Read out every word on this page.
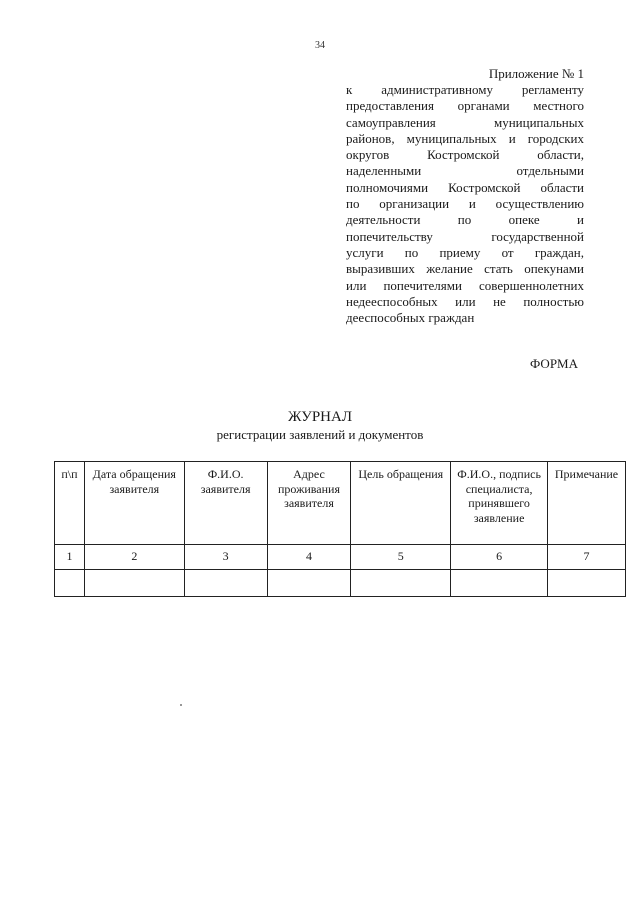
34
Приложение № 1
к административному регламенту
предоставления органами местного
самоуправления муниципальных
районов, муниципальных и городских
округов Костромской области,
наделенными отдельными
полномочиями Костромской области
по организации и осуществлению
деятельности по опеке и
попечительству государственной
услуги по приему от граждан,
выразивших желание стать опекунами
или попечителями совершеннолетних
недееспособных или не полностью
дееспособных граждан
ФОРМА
ЖУРНАЛ
регистрации заявлений и документов
п\п	Дата обращения заявителя	Ф.И.О. заявителя	Адрес проживания заявителя	Цель обращения	Ф.И.О., подпись специалиста, принявшего заявление	Примечание
1	2	3	4	5	6	7
